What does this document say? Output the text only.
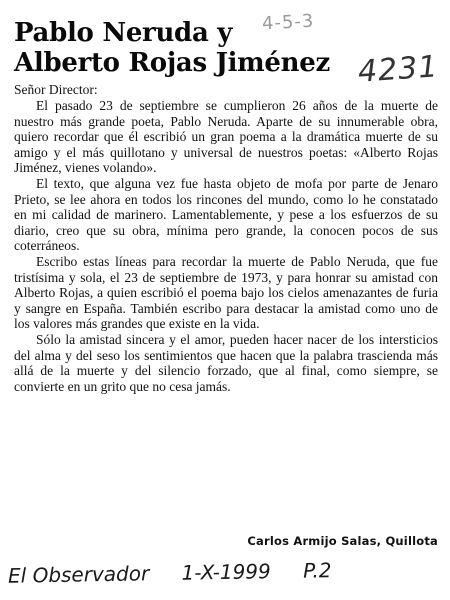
4-5-3
4231
Pablo Neruda y
Alberto Rojas Jiménez
Señor Director:

El pasado 23 de septiembre se cumplieron 26 años de la muerte de nuestro más grande poeta, Pablo Neruda. Aparte de su innumerable obra, quiero recordar que él escribió un gran poema a la dramática muerte de su amigo y el más quillotano y universal de nuestros poetas: «Alberto Rojas Jiménez, vienes volando».

El texto, que alguna vez fue hasta objeto de mofa por parte de Jenaro Prieto, se lee ahora en todos los rincones del mundo, como lo he constatado en mi calidad de marinero. Lamentablemente, y pese a los esfuerzos de su diario, creo que su obra, mínima pero grande, la conocen pocos de sus coterráneos.

Escribo estas líneas para recordar la muerte de Pablo Neruda, que fue tristísima y sola, el 23 de septiembre de 1973, y para honrar su amistad con Alberto Rojas, a quien escribió el poema bajo los cielos amenazantes de furia y sangre en España. También escribo para destacar la amistad como uno de los valores más grandes que existe en la vida.

Sólo la amistad sincera y el amor, pueden hacer nacer de los intersticios del alma y del seso los sentimientos que hacen que la palabra trascienda más allá de la muerte y del silencio forzado, que al final, como siempre, se convierte en un grito que no cesa jamás.

Carlos Armijo Salas, Quillota
El Observador 1-X-1999 P.2
